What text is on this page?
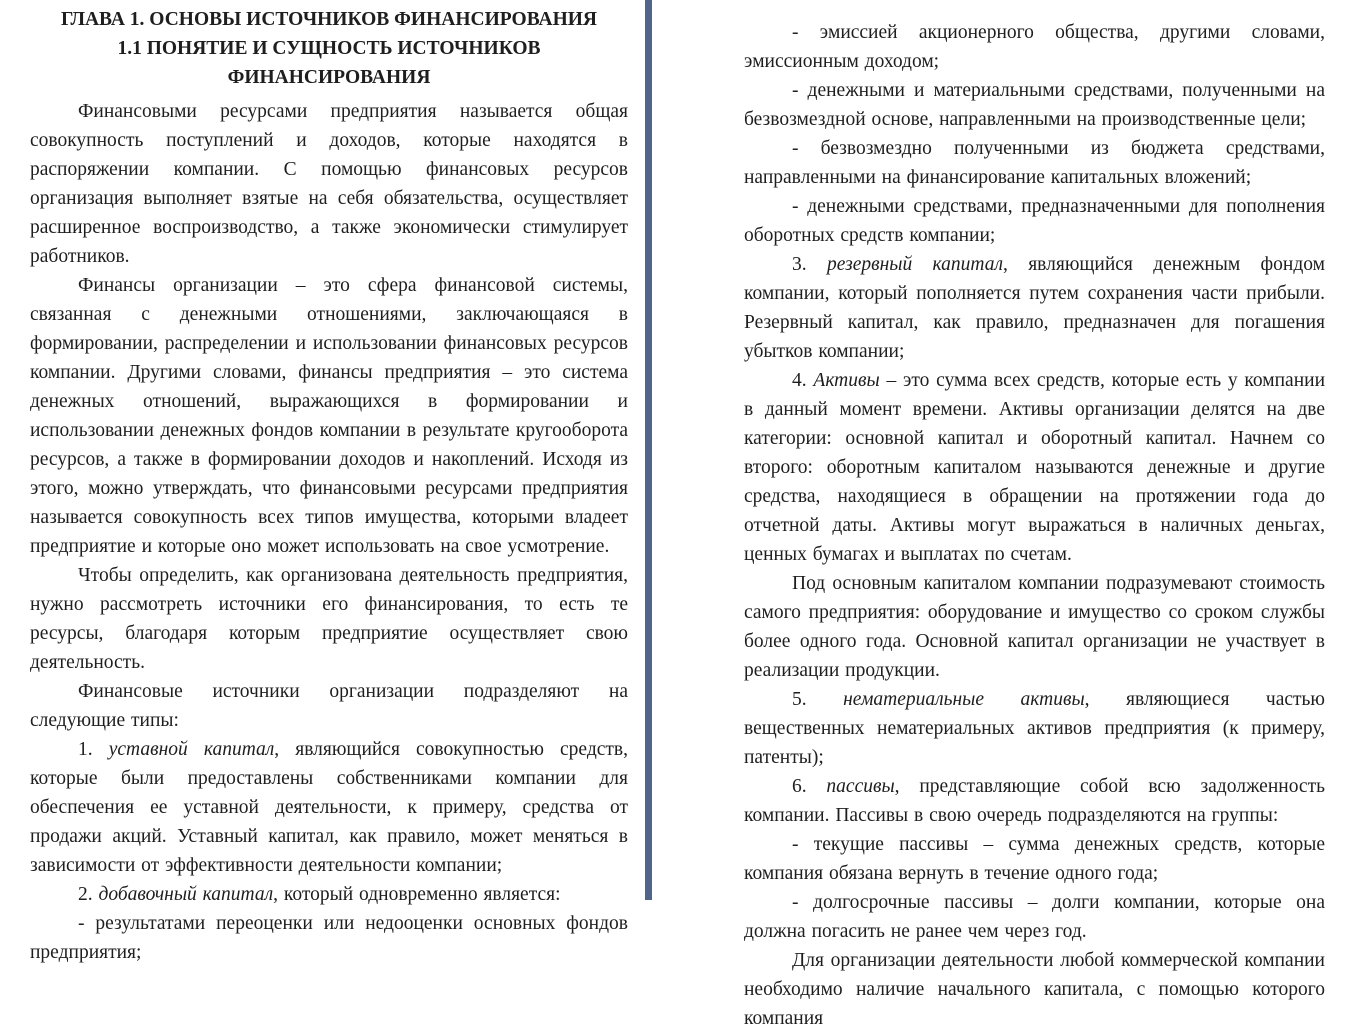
ГЛАВА 1. ОСНОВЫ ИСТОЧНИКОВ ФИНАНСИРОВАНИЯ
1.1 ПОНЯТИЕ И СУЩНОСТЬ ИСТОЧНИКОВ
ФИНАНСИРОВАНИЯ

Финансовыми ресурсами предприятия называется общая совокупность поступлений и доходов, которые находятся в распоряжении компании. С помощью финансовых ресурсов организация выполняет взятые на себя обязательства, осуществляет расширенное воспроизводство, а также экономически стимулирует работников.

Финансы организации – это сфера финансовой системы, связанная с денежными отношениями, заключающаяся в формировании, распределении и использовании финансовых ресурсов компании. Другими словами, финансы предприятия – это система денежных отношений, выражающихся в формировании и использовании денежных фондов компании в результате кругооборота ресурсов, а также в формировании доходов и накоплений. Исходя из этого, можно утверждать, что финансовыми ресурсами предприятия называется совокупность всех типов имущества, которыми владеет предприятие и которые оно может использовать на свое усмотрение.

Чтобы определить, как организована деятельность предприятия, нужно рассмотреть источники его финансирования, то есть те ресурсы, благодаря которым предприятие осуществляет свою деятельность.

Финансовые источники организации подразделяют на следующие типы:

1. уставной капитал, являющийся совокупностью средств, которые были предоставлены собственниками компании для обеспечения ее уставной деятельности, к примеру, средства от продажи акций. Уставный капитал, как правило, может меняться в зависимости от эффективности деятельности компании;

2. добавочный капитал, который одновременно является:

- результатами переоценки или недооценки основных фондов предприятия;

- эмиссией акционерного общества, другими словами, эмиссионным доходом;

- денежными и материальными средствами, полученными на безвозмездной основе, направленными на производственные цели;

- безвозмездно полученными из бюджета средствами, направленными на финансирование капитальных вложений;

- денежными средствами, предназначенными для пополнения оборотных средств компании;

3. резервный капитал, являющийся денежным фондом компании, который пополняется путем сохранения части прибыли. Резервный капитал, как правило, предназначен для погашения убытков компании;

4. Активы – это сумма всех средств, которые есть у компании в данный момент времени. Активы организации делятся на две категории: основной капитал и оборотный капитал. Начнем со второго: оборотным капиталом называются денежные и другие средства, находящиеся в обращении на протяжении года до отчетной даты. Активы могут выражаться в наличных деньгах, ценных бумагах и выплатах по счетам.

Под основным капиталом компании подразумевают стоимость самого предприятия: оборудование и имущество со сроком службы более одного года. Основной капитал организации не участвует в реализации продукции.

5. нематериальные активы, являющиеся частью вещественных нематериальных активов предприятия (к примеру, патенты);

6. пассивы, представляющие собой всю задолженность компании. Пассивы в свою очередь подразделяются на группы:

- текущие пассивы – сумма денежных средств, которые компания обязана вернуть в течение одного года;

- долгосрочные пассивы – долги компании, которые она должна погасить не ранее чем через год.

Для организации деятельности любой коммерческой компании необходимо наличие начального капитала, с помощью которого компания
